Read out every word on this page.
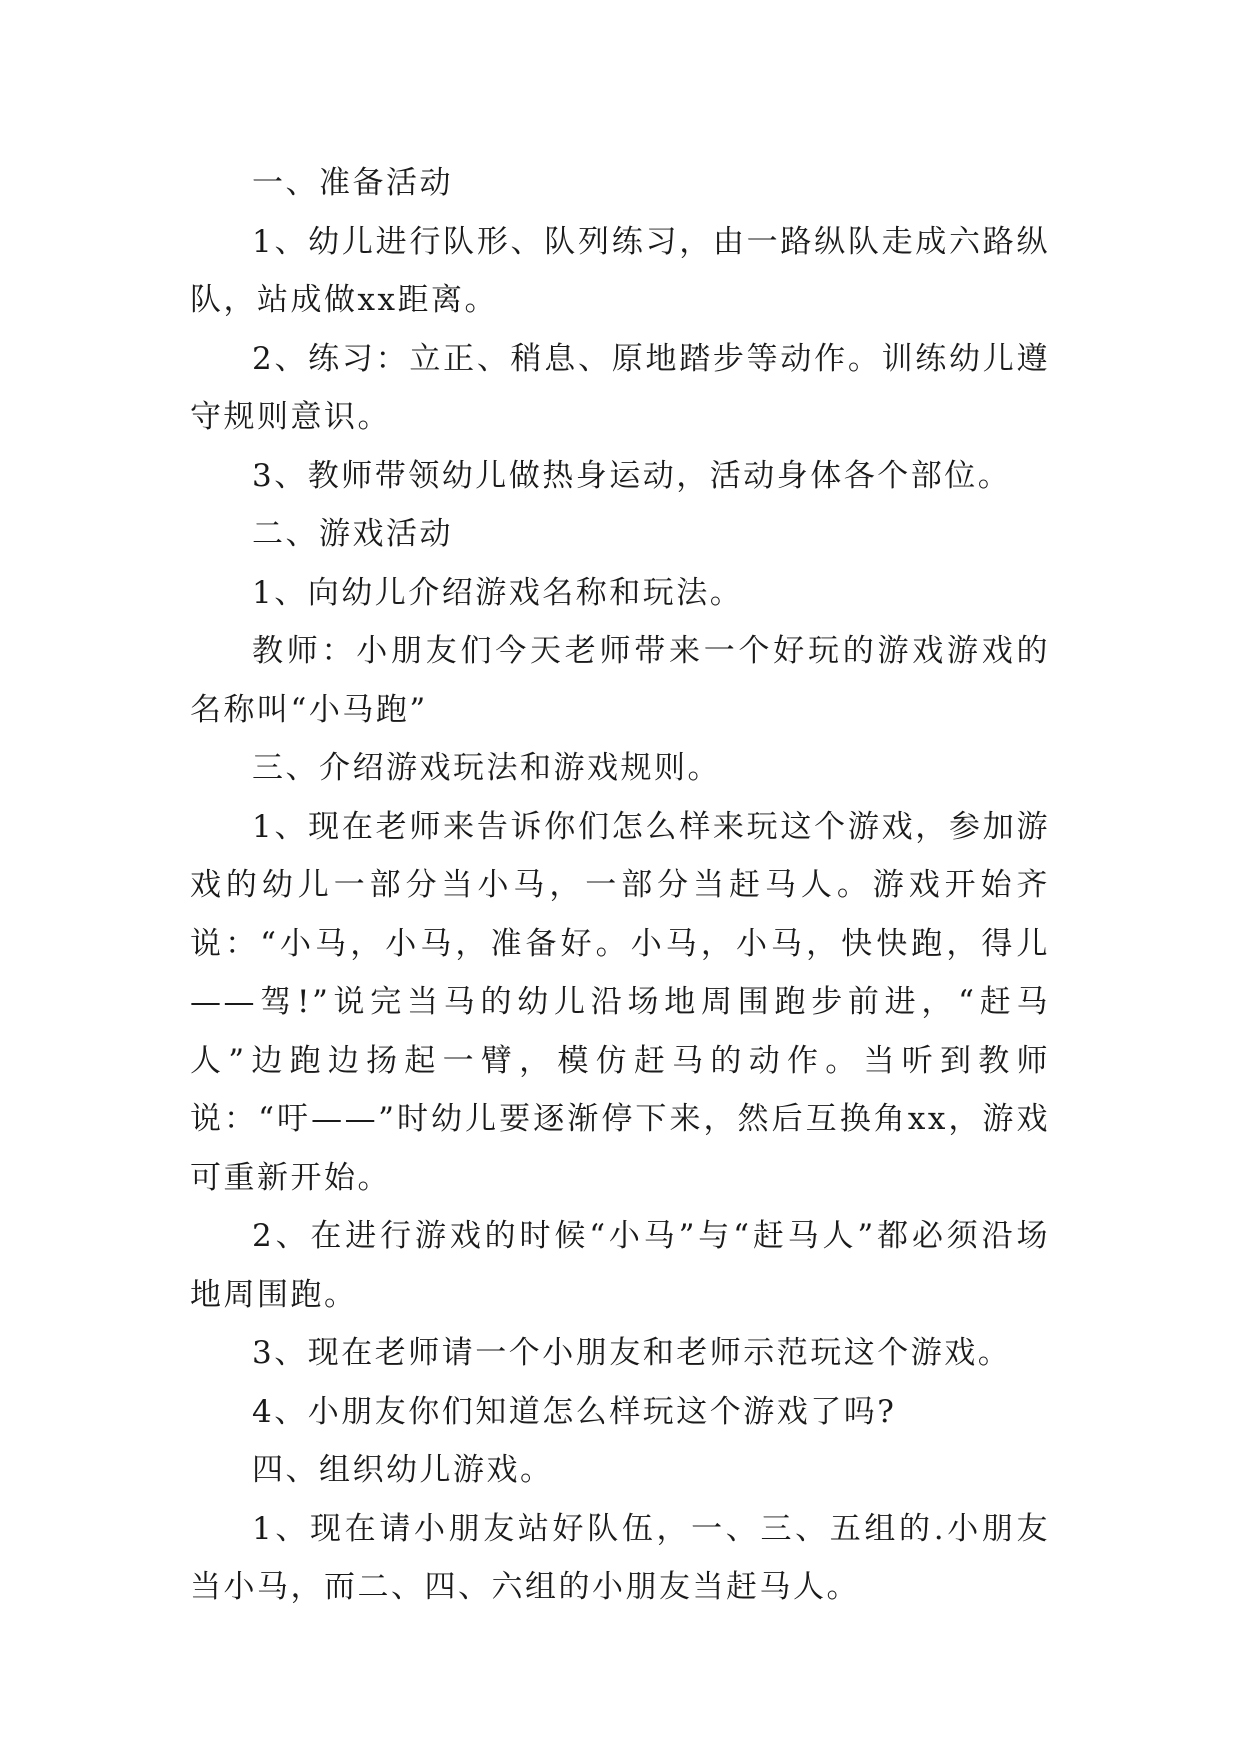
一、准备活动

1、幼儿进行队形、队列练习，由一路纵队走成六路纵队，站成做xx距离。

2、练习：立正、稍息、原地踏步等动作。训练幼儿遵守规则意识。

3、教师带领幼儿做热身运动，活动身体各个部位。

二、游戏活动

1、向幼儿介绍游戏名称和玩法。

教师：小朋友们今天老师带来一个好玩的游戏游戏的名称叫“小马跑”

三、介绍游戏玩法和游戏规则。

1、现在老师来告诉你们怎么样来玩这个游戏，参加游戏的幼儿一部分当小马，一部分当赶马人。游戏开始齐说：“小马，小马，准备好。小马，小马，快快跑，得儿——驾!”说完当马的幼儿沿场地周围跑步前进，“赶马人”边跑边扬起一臂，模仿赶马的动作。当听到教师说：“吁——”时幼儿要逐渐停下来，然后互换角xx，游戏可重新开始。

2、在进行游戏的时候“小马”与“赶马人”都必须沿场地周围跑。

3、现在老师请一个小朋友和老师示范玩这个游戏。

4、小朋友你们知道怎么样玩这个游戏了吗?

四、组织幼儿游戏。

1、现在请小朋友站好队伍，一、三、五组的.小朋友当小马，而二、四、六组的小朋友当赶马人。
